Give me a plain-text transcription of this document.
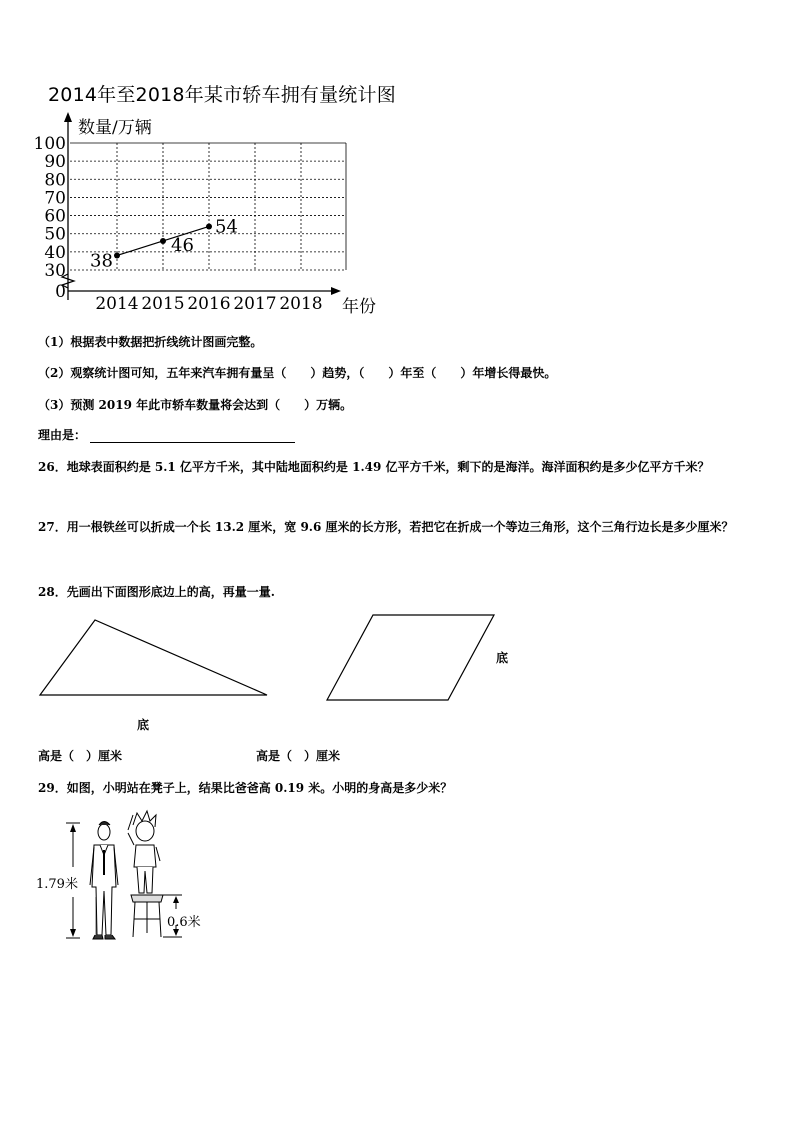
2014年至2018年某市轿车拥有量统计图
数量/万辆
年份
0
30
40
50
60
70
80
90
100
2014 2015 2016 2017 2018
38
46
54
（1）根据表中数据把折线统计图画完整。
（2）观察统计图可知，五年来汽车拥有量呈（　　）趋势，（　　）年至（　　）年增长得最快。
（3）预测 2019 年此市轿车数量将会达到（　　）万辆。
理由是：
26．地球表面积约是 5.1 亿平方千米，其中陆地面积约是 1.49 亿平方千米，剩下的是海洋。海洋面积约是多少亿平方千米？
27．用一根铁丝可以折成一个长 13.2 厘米，宽 9.6 厘米的长方形，若把它在折成一个等边三角形，这个三角行边长是多少厘米？
28．先画出下面图形底边上的高，再量一量.
底
底
高是（　）厘米	高是（　）厘米
29．如图，小明站在凳子上，结果比爸爸高 0.19 米。小明的身高是多少米？
1.79米
0.6米
